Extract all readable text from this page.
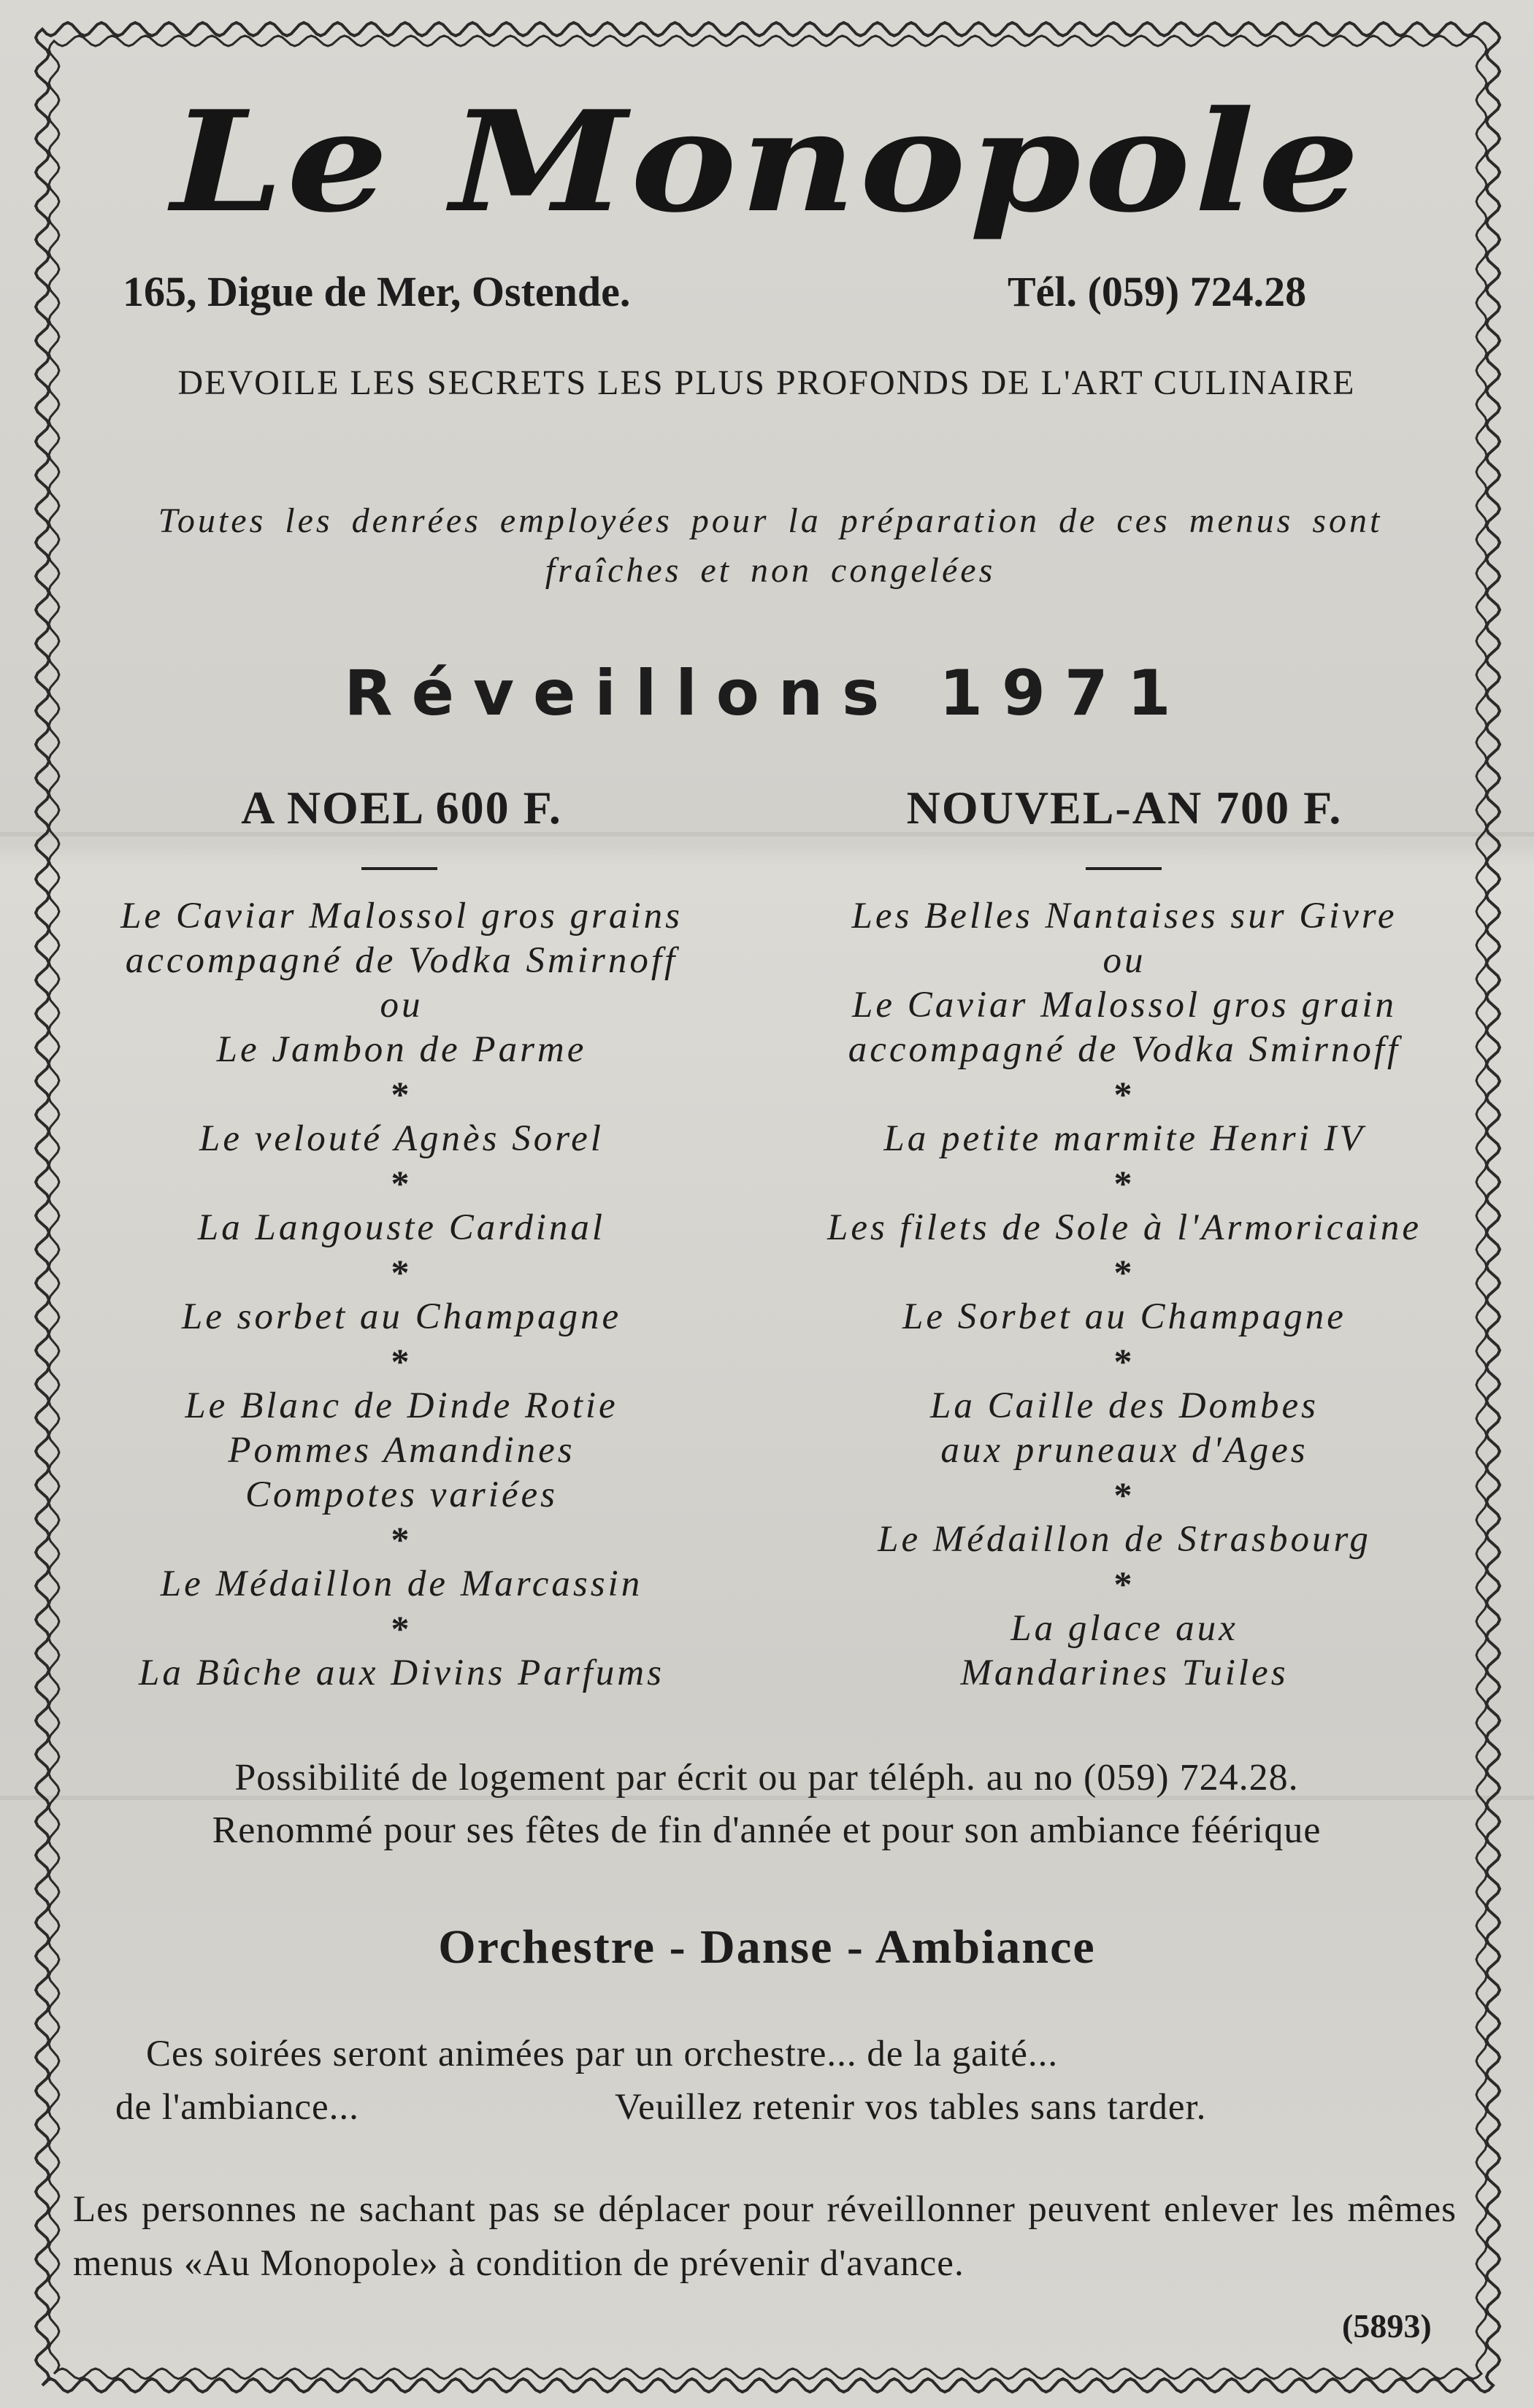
Le Monopole
165, Digue de Mer, Ostende.	Tél. (059) 724.28
DEVOILE LES SECRETS LES PLUS PROFONDS DE L'ART CULINAIRE
Toutes les denrées employées pour la préparation de ces menus sont fraîches et non congelées
Réveillons 1971
A NOEL 600 F.	NOUVEL-AN 700 F.
Le Caviar Malossol gros grains
accompagné de Vodka Smirnoff
ou
Le Jambon de Parme
*
Le velouté Agnès Sorel
*
La Langouste Cardinal
*
Le sorbet au Champagne
*
Le Blanc de Dinde Rotie
Pommes Amandines
Compotes variées
*
Le Médaillon de Marcassin
*
La Bûche aux Divins Parfums
Les Belles Nantaises sur Givre
ou
Le Caviar Malossol gros grain
accompagné de Vodka Smirnoff
*
La petite marmite Henri IV
*
Les filets de Sole à l'Armoricaine
*
Le Sorbet au Champagne
*
La Caille des Dombes
aux pruneaux d'Ages
*
Le Médaillon de Strasbourg
*
La glace aux
Mandarines Tuiles
Possibilité de logement par écrit ou par téléph. au no (059) 724.28.
Renommé pour ses fêtes de fin d'année et pour son ambiance féérique
Orchestre - Danse - Ambiance
Ces soirées seront animées par un orchestre... de la gaité...
de l'ambiance...	Veuillez retenir vos tables sans tarder.
Les personnes ne sachant pas se déplacer pour réveillonner peuvent enlever les mêmes menus «Au Monopole» à condition de prévenir d'avance.
(5893)
